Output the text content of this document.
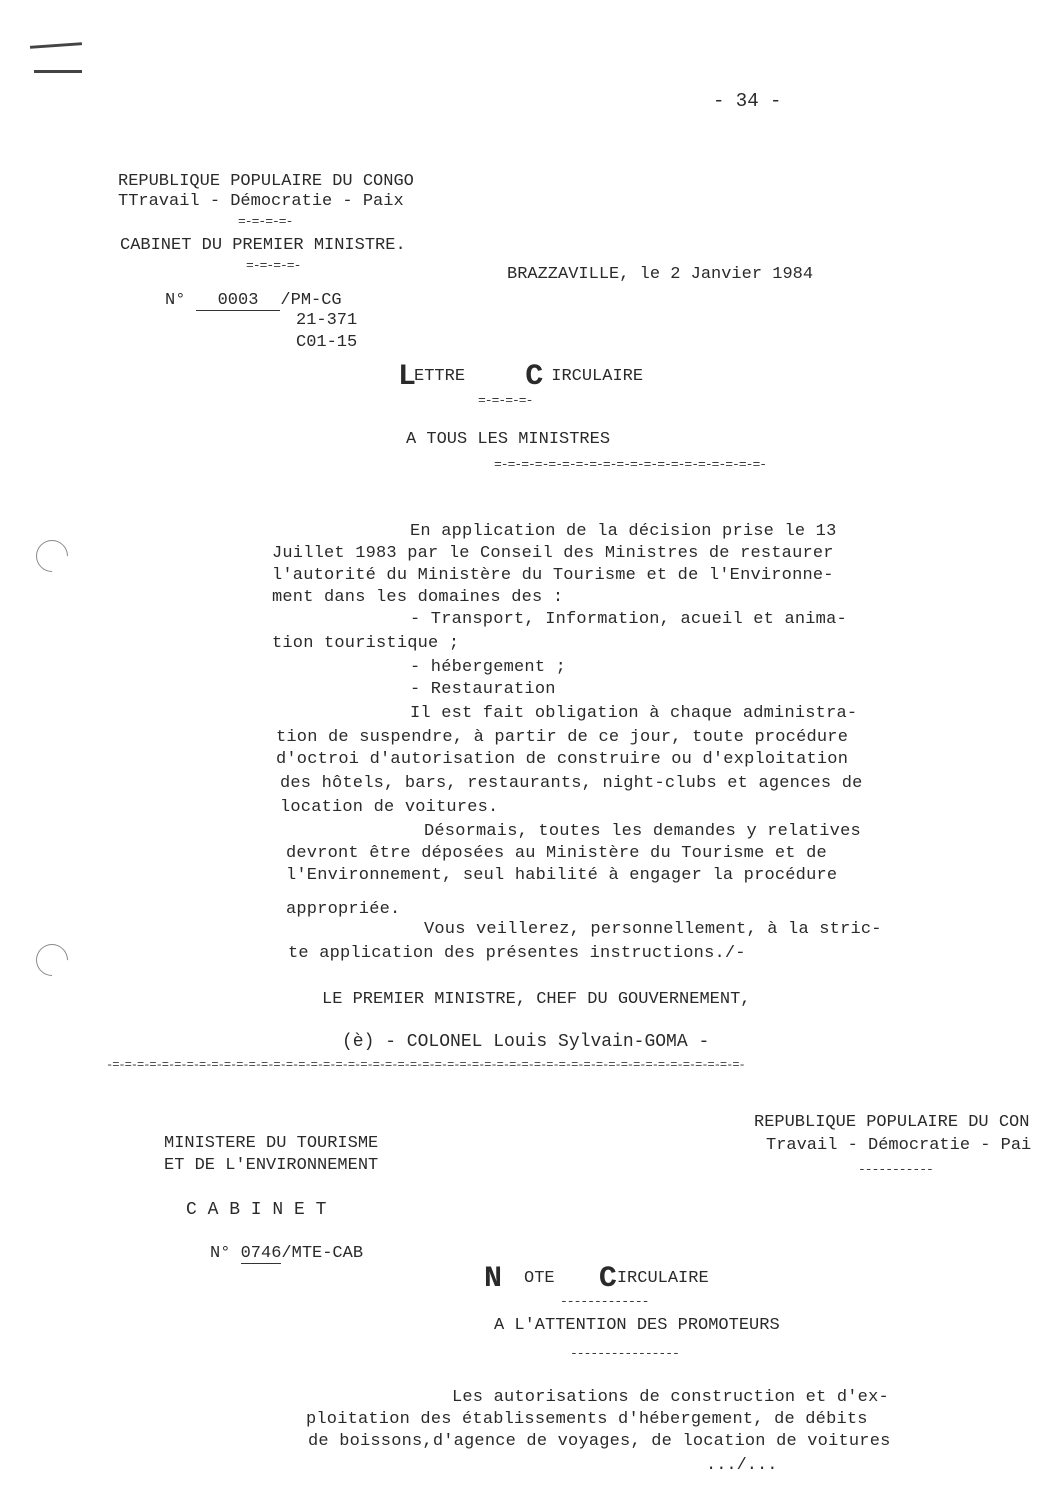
- 34 -
REPUBLIQUE POPULAIRE DU CONGO
TTravail - Démocratie - Paix
=-=-=-=-
CABINET DU PREMIER MINISTRE.
=-=-=-=-	BRAZZAVILLE, le 2 Janvier 1984
N° 0003 /PM-CG
21-371
C01-15
LETTRE C IRCULAIRE
=-=-=-=-
A TOUS LES MINISTRES
=-=-=-=-=-=-=-=-=-=-=-=-=-=-=-=-=-=-=-=-
En application de la décision prise le 13
Juillet 1983 par le Conseil des Ministres de restaurer
l'autorité du Ministère du Tourisme et de l'Environne-
ment dans les domaines des :
- Transport, Information, acueil et anima-
tion touristique ;
- hébergement ;
- Restauration
Il est fait obligation à chaque administra-
tion de suspendre, à partir de ce jour, toute procédure
d'octroi d'autorisation de construire ou d'exploitation
des hôtels, bars, restaurants, night-clubs et agences de
location de voitures.
Désormais, toutes les demandes y relatives
devront être déposées au Ministère du Tourisme et de
l'Environnement, seul habilité à engager la procédure
appropriée.
Vous veillerez, personnellement, à la stric-
te application des présentes instructions./-
LE PREMIER MINISTRE, CHEF DU GOUVERNEMENT,
(è) - COLONEL Louis Sylvain-GOMA -
-=-=-=-=-=-=-=-=-=-=-=-=-=-=-=-=-=-=-=-=-=-=-=-=-=-=-=-=-=-=-=-=-=-=-=-=-=-=-=-=-=-=-=-=-=-=-=-=-=-=-=-
REPUBLIQUE POPULAIRE DU CON
Travail - Démocratie - Pai
-----------
MINISTERE DU TOURISME
ET DE L'ENVIRONNEMENT
C A B I N E T
N° 0746/MTE-CAB
N OTE C IRCULAIRE
-------------
A L'ATTENTION DES PROMOTEURS
----------------
Les autorisations de construction et d'ex-
ploitation des établissements d'hébergement, de débits
de boissons,d'agence de voyages, de location de voitures
.../...
